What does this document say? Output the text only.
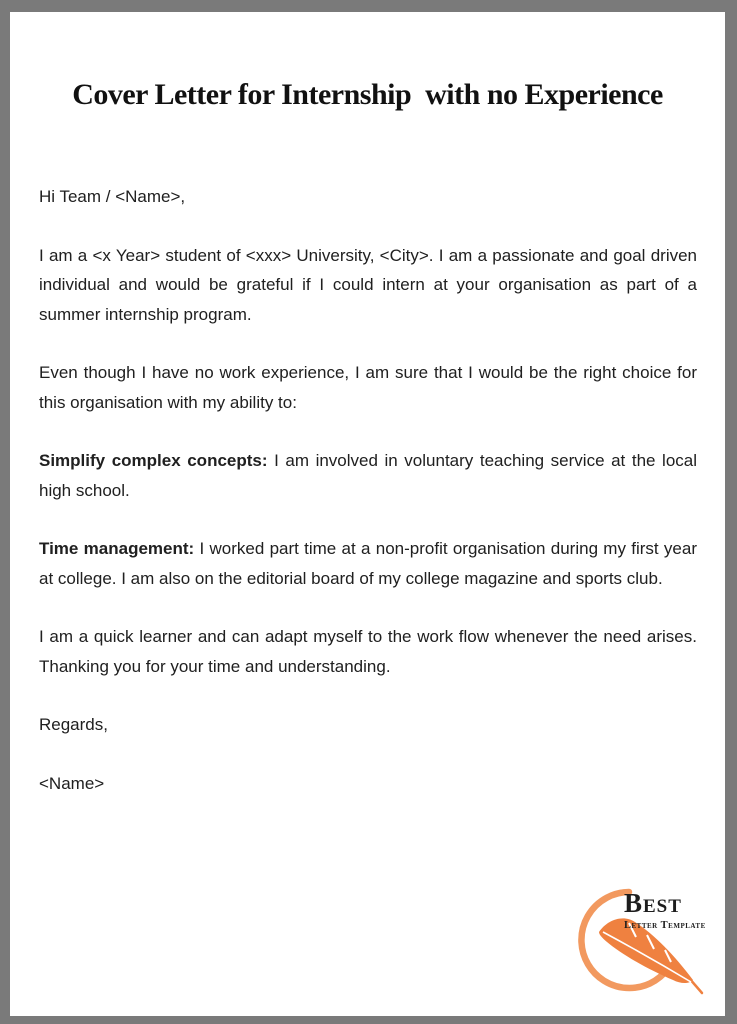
Cover Letter for Internship  with no Experience

Hi Team / <Name>,

I am a <x Year> student of <xxx> University, <City>. I am a passionate and goal driven individual and would be grateful if I could intern at your organisation as part of a summer internship program.

Even though I have no work experience, I am sure that I would be the right choice for this organisation with my ability to:

Simplify complex concepts: I am involved in voluntary teaching service at the local high school.

Time management: I worked part time at a non-profit organisation during my first year at college. I am also on the editorial board of my college magazine and sports club.

I am a quick learner and can adapt myself to the work flow whenever the need arises. Thanking you for your time and understanding.

Regards,

<Name>

Best
Letter Template
